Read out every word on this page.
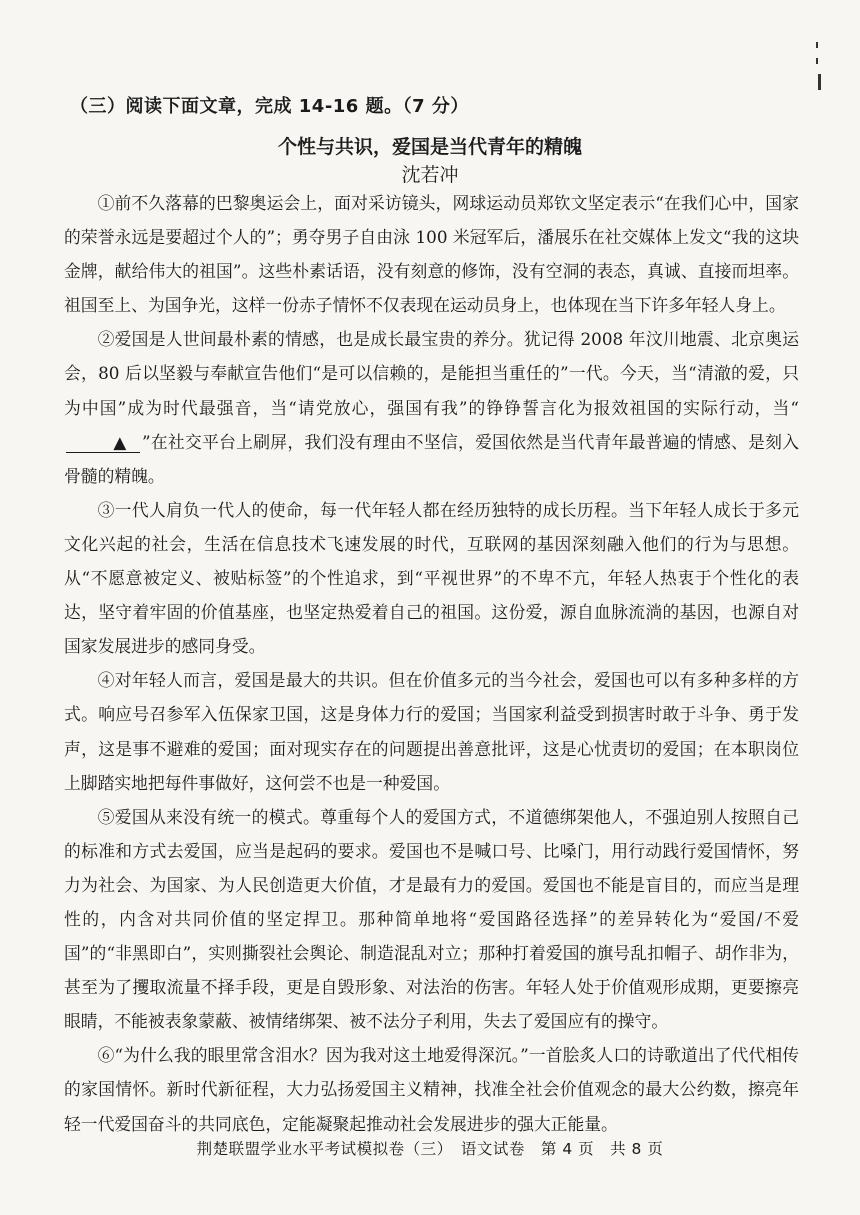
（三）阅读下面文章，完成 14-16 题。（7 分）
个性与共识，爱国是当代青年的精魄
沈若冲

①前不久落幕的巴黎奥运会上，面对采访镜头，网球运动员郑钦文坚定表示“在我们心中，国家的荣誉永远是要超过个人的”；勇夺男子自由泳 100 米冠军后，潘展乐在社交媒体上发文“我的这块金牌，献给伟大的祖国”。这些朴素话语，没有刻意的修饰，没有空洞的表态，真诚、直接而坦率。祖国至上、为国争光，这样一份赤子情怀不仅表现在运动员身上，也体现在当下许多年轻人身上。

②爱国是人世间最朴素的情感，也是成长最宝贵的养分。犹记得 2008 年汶川地震、北京奥运会，80 后以坚毅与奉献宣告他们“是可以信赖的，是能担当重任的”一代。今天，当“清澈的爱，只为中国”成为时代最强音，当“请党放心，强国有我”的铮铮誓言化为报效祖国的实际行动，当“▲ ”在社交平台上刷屏，我们没有理由不坚信，爱国依然是当代青年最普遍的情感、是刻入骨髓的精魄。

③一代人肩负一代人的使命，每一代年轻人都在经历独特的成长历程。当下年轻人成长于多元文化兴起的社会，生活在信息技术飞速发展的时代，互联网的基因深刻融入他们的行为与思想。从“不愿意被定义、被贴标签”的个性追求，到“平视世界”的不卑不亢，年轻人热衷于个性化的表达，坚守着牢固的价值基座，也坚定热爱着自己的祖国。这份爱，源自血脉流淌的基因，也源自对国家发展进步的感同身受。

④对年轻人而言，爱国是最大的共识。但在价值多元的当今社会，爱国也可以有多种多样的方式。响应号召参军入伍保家卫国，这是身体力行的爱国；当国家利益受到损害时敢于斗争、勇于发声，这是事不避难的爱国；面对现实存在的问题提出善意批评，这是心忧责切的爱国；在本职岗位上脚踏实地把每件事做好，这何尝不也是一种爱国。

⑤爱国从来没有统一的模式。尊重每个人的爱国方式，不道德绑架他人，不强迫别人按照自己的标准和方式去爱国，应当是起码的要求。爱国也不是喊口号、比嗓门，用行动践行爱国情怀，努力为社会、为国家、为人民创造更大价值，才是最有力的爱国。爱国也不能是盲目的，而应当是理性的，内含对共同价值的坚定捍卫。那种简单地将“爱国路径选择”的差异转化为“爱国/不爱国”的“非黑即白”，实则撕裂社会舆论、制造混乱对立；那种打着爱国的旗号乱扣帽子、胡作非为，甚至为了攫取流量不择手段，更是自毁形象、对法治的伤害。年轻人处于价值观形成期，更要擦亮眼睛，不能被表象蒙蔽、被情绪绑架、被不法分子利用，失去了爱国应有的操守。

⑥“为什么我的眼里常含泪水？因为我对这土地爱得深沉。”一首脍炙人口的诗歌道出了代代相传的家国情怀。新时代新征程，大力弘扬爱国主义精神，找准全社会价值观念的最大公约数，擦亮年轻一代爱国奋斗的共同底色，定能凝聚起推动社会发展进步的强大正能量。

荆楚联盟学业水平考试模拟卷（三）　语文试卷　第 4 页　共 8 页
